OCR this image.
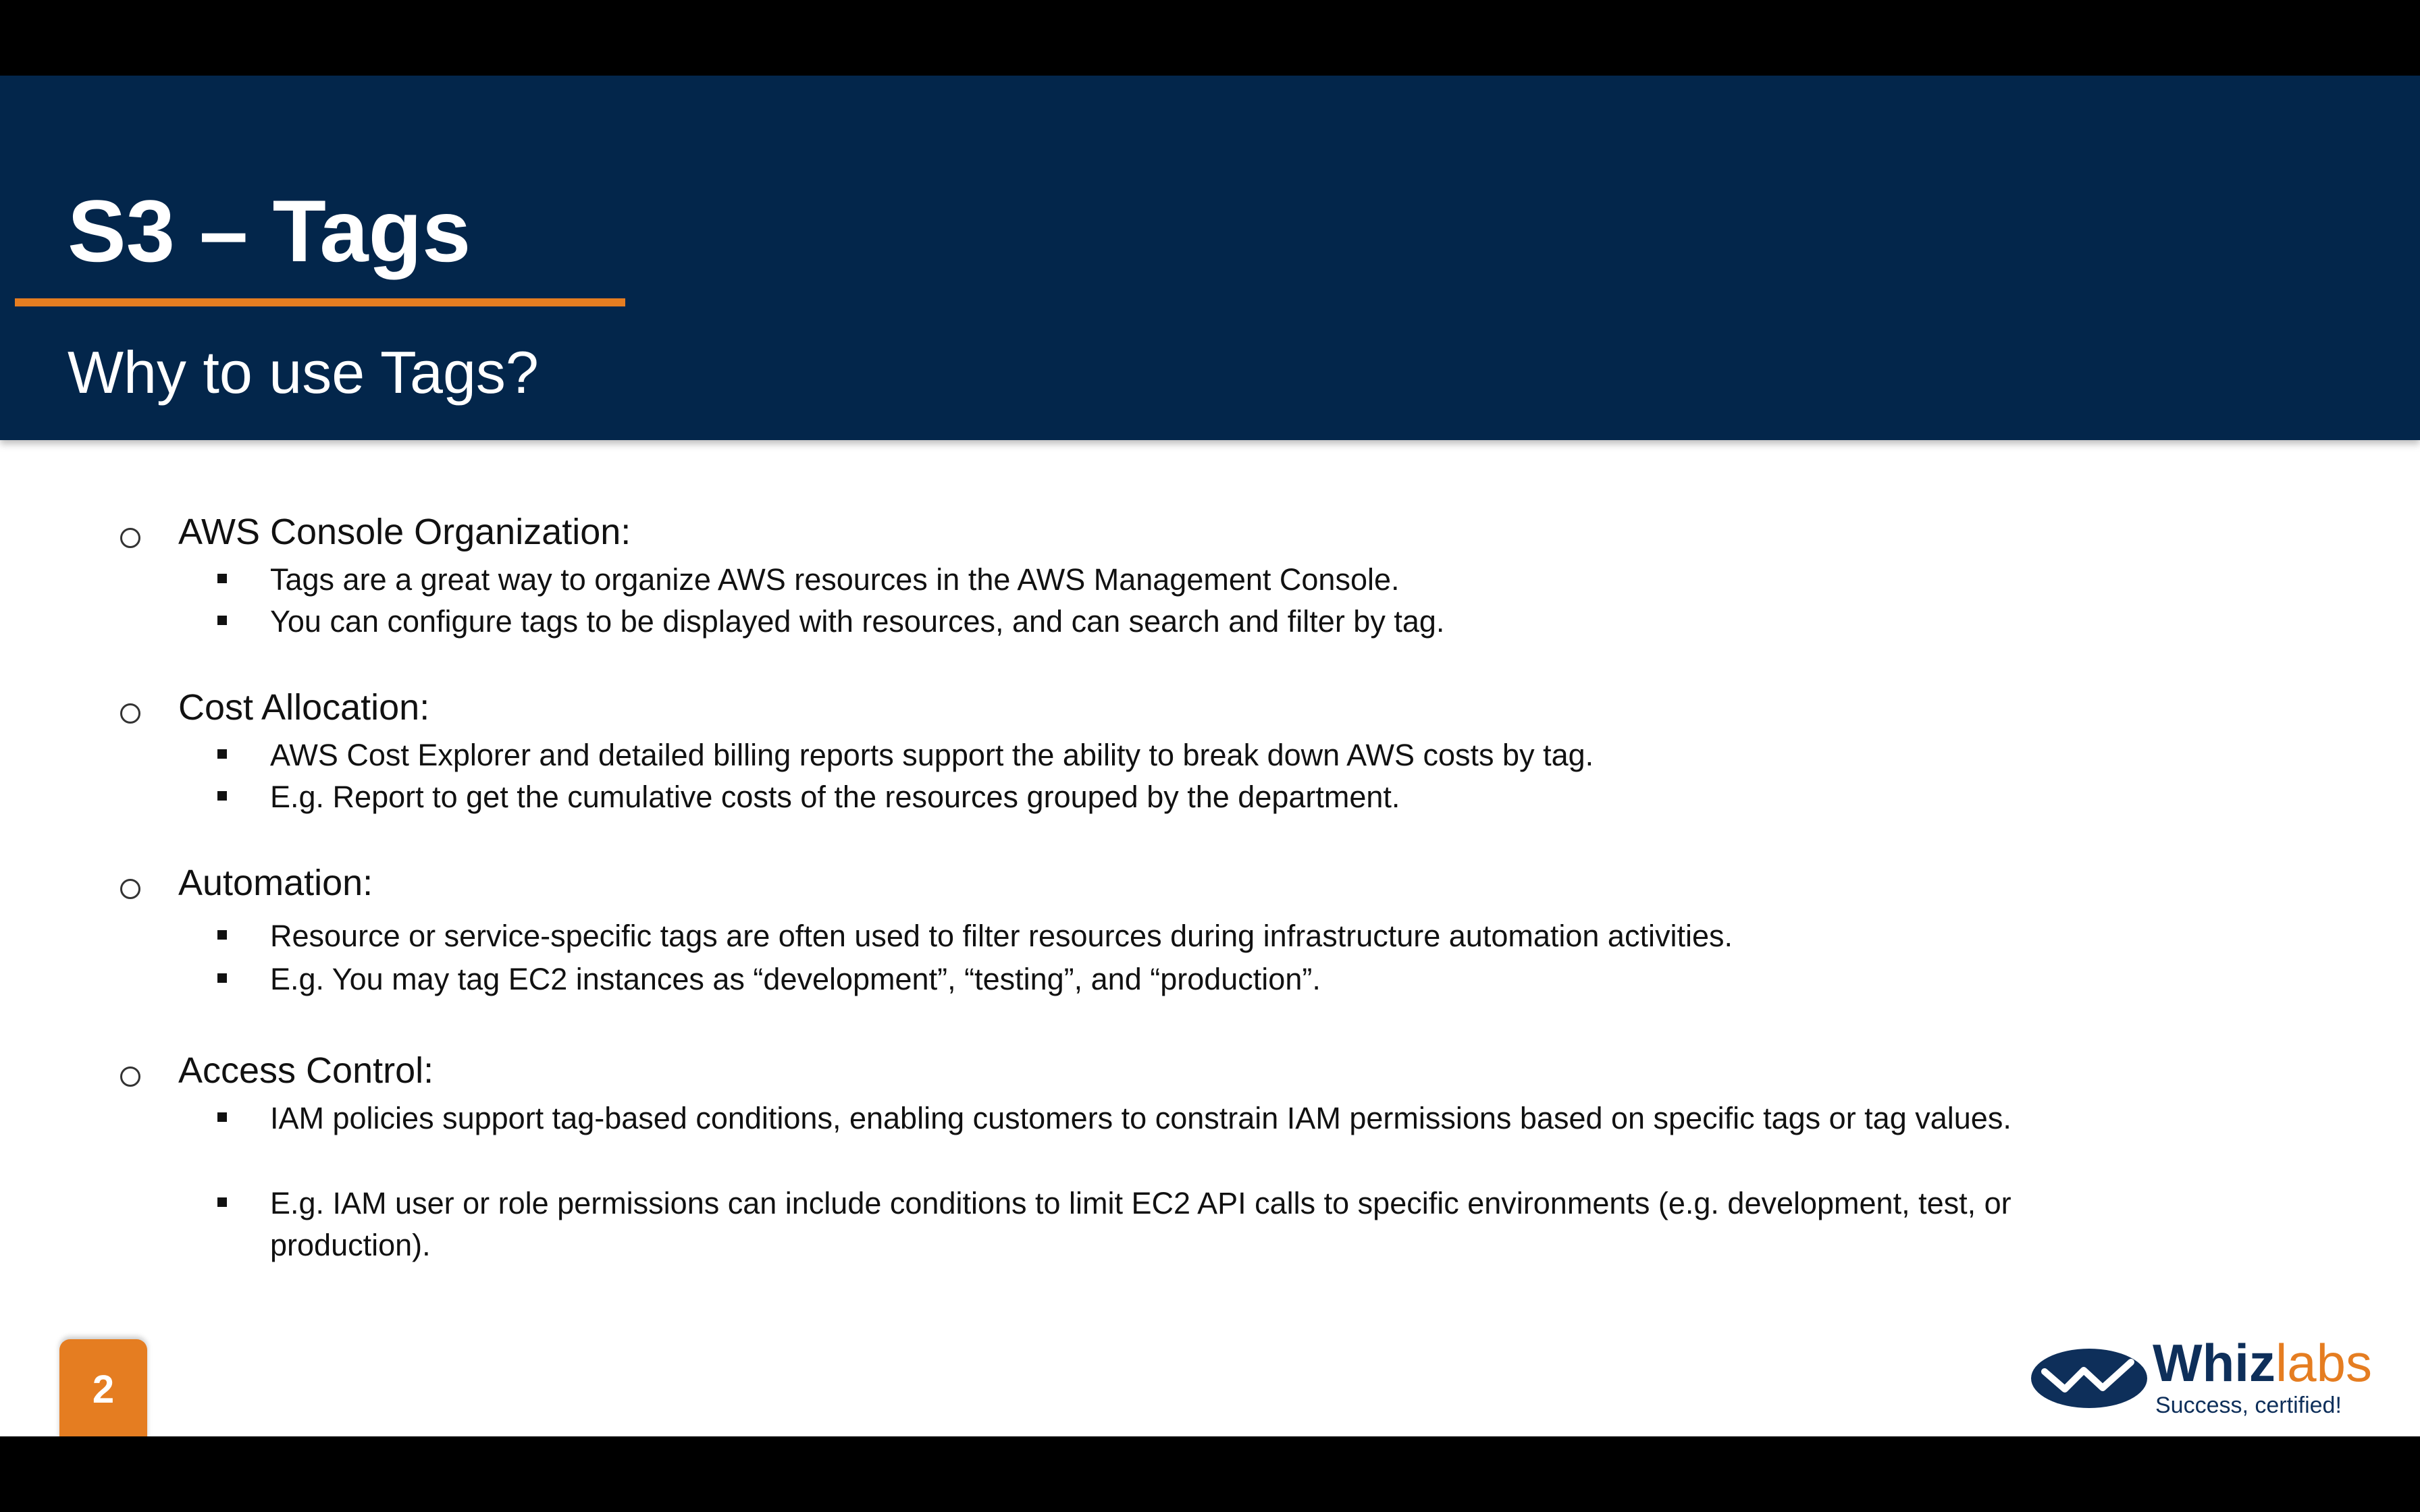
S3 – Tags
Why to use Tags?
AWS Console Organization:
Tags are a great way to organize AWS resources in the AWS Management Console.
You can configure tags to be displayed with resources, and can search and filter by tag.
Cost Allocation:
AWS Cost Explorer and detailed billing reports support the ability to break down AWS costs by tag.
E.g. Report to get the cumulative costs of the resources grouped by the department.
Automation:
Resource or service-specific tags are often used to filter resources during infrastructure automation activities.
E.g. You may tag EC2 instances as “development”, “testing”, and “production”.
Access Control:
IAM policies support tag-based conditions, enabling customers to constrain IAM permissions based on specific tags or tag values.
E.g. IAM user or role permissions can include conditions to limit EC2 API calls to specific environments (e.g. development, test, or production).
2	Whizlabs
Success, certified!
